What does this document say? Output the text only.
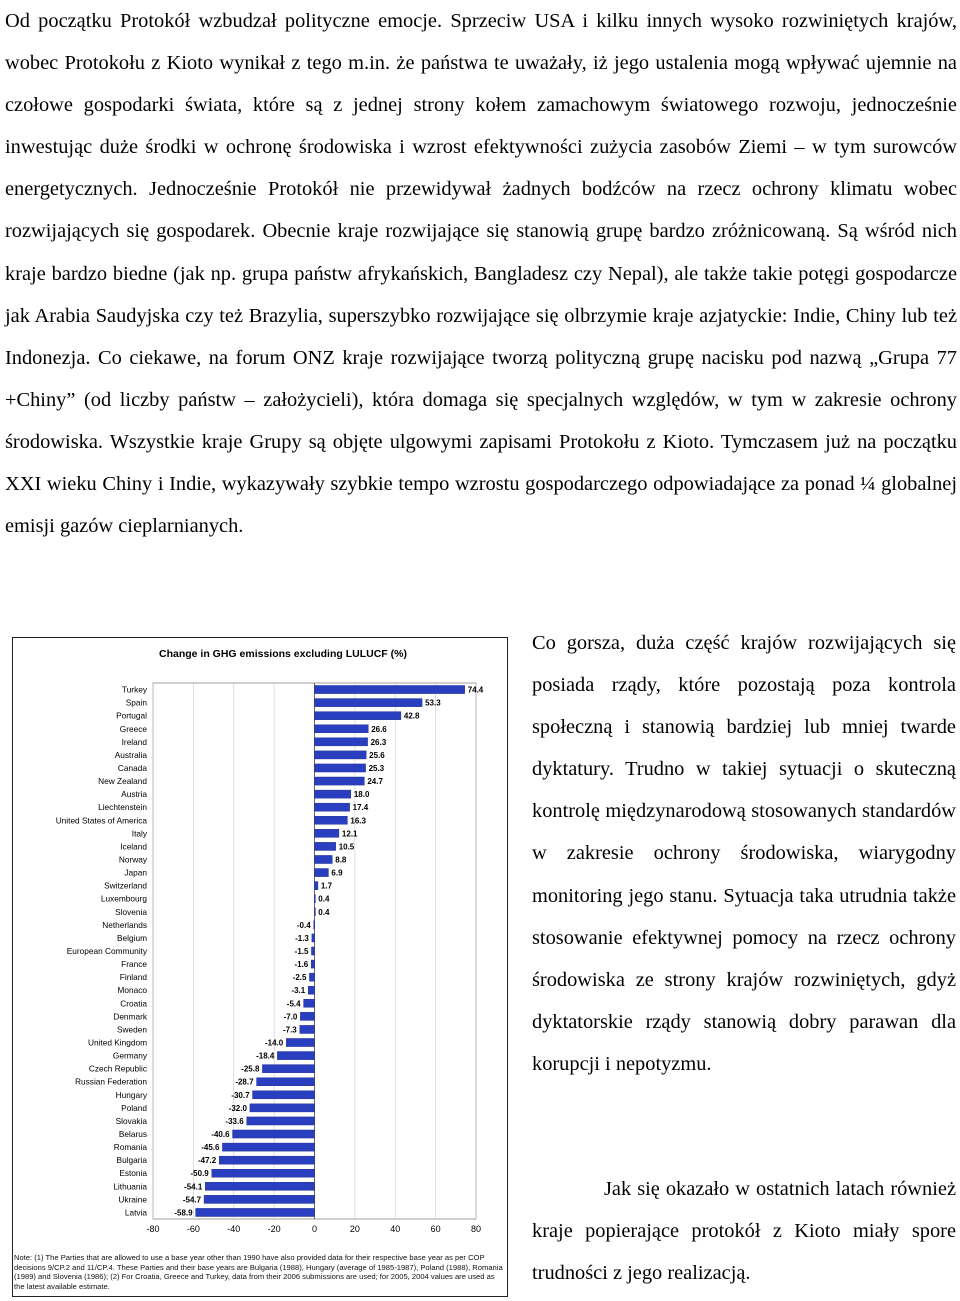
Od początku Protokół wzbudzał polityczne emocje. Sprzeciw USA i kilku innych wysoko rozwiniętych krajów, wobec Protokołu z Kioto wynikał z tego m.in. że państwa te uważały, iż jego ustalenia mogą wpływać ujemnie na czołowe gospodarki świata, które są z jednej strony kołem zamachowym światowego rozwoju, jednocześnie inwestując duże środki w ochronę środowiska i wzrost efektywności zużycia zasobów Ziemi – w tym surowców energetycznych. Jednocześnie Protokół nie przewidywał żadnych bodźców na rzecz ochrony klimatu wobec rozwijających się gospodarek. Obecnie kraje rozwijające się stanowią grupę bardzo zróżnicowaną. Są wśród nich kraje bardzo biedne (jak np. grupa państw afrykańskich, Bangladesz czy Nepal), ale także takie potęgi gospodarcze jak Arabia Saudyjska czy też Brazylia, superszybko rozwijające się olbrzymie kraje azjatyckie: Indie, Chiny lub też Indonezja. Co ciekawe, na forum ONZ kraje rozwijające tworzą polityczną grupę nacisku pod nazwą „Grupa 77 +Chiny” (od liczby państw – założycieli), która domaga się specjalnych względów, w tym w zakresie ochrony środowiska. Wszystkie kraje Grupy są objęte ulgowymi zapisami Protokołu z Kioto. Tymczasem już na początku XXI wieku Chiny i Indie, wykazywały szybkie tempo wzrostu gospodarczego odpowiadające za ponad ¼ globalnej emisji gazów cieplarnianych.

Change in GHG emissions excluding LULUCF (%)
74.4
53.3
42.8
26.6
26.3
25.6
25.3
24.7
18.0
17.4
16.3
12.1
10.5
8.8
6.9
1.7
0.4
0.4
-0.4
-1.3
-1.5
-1.6
-2.5
-3.1
-5.4
-7.0
-7.3
-14.0
-18.4
-25.8
-28.7
-30.7
-32.0
-33.6
-40.6
-45.6
-47.2
-50.9
-54.1
-54.7
-58.9
Turkey
Spain
Portugal
Greece
Ireland
Australia
Canada
New Zealand
Austria
Liechtenstein
United States of America
Italy
Iceland
Norway
Japan
Switzerland
Luxembourg
Slovenia
Netherlands
Belgium
European Community
France
Finland
Monaco
Croatia
Denmark
Sweden
United Kingdom
Germany
Czech Republic
Russian Federation
Hungary
Poland
Slovakia
Belarus
Romania
Bulgaria
Estonia
Lithuania
Ukraine
Latvia
-80	-60	-40	-20	0	20	40	60	80

Note: (1) The Parties that are allowed to use a base year other than 1990 have also provided data for their respective base year as per COP decisions 9/CP.2 and 11/CP.4. These Parties and their base years are Bulgaria (1988), Hungary (average of 1985-1987), Poland (1988), Romania (1989) and Slovenia (1986); (2) For Croatia, Greece and Turkey, data from their 2006 submissions are used; for 2005, 2004 values are used as the latest available estimate.

Co gorsza, duża część krajów rozwijających się posiada rządy, które pozostają poza kontrola społeczną i stanowią bardziej lub mniej twarde dyktatury. Trudno w takiej sytuacji o skuteczną kontrolę międzynarodową stosowanych standardów w zakresie ochrony środowiska, wiarygodny monitoring jego stanu. Sytuacja taka utrudnia także stosowanie efektywnej pomocy na rzecz ochrony środowiska ze strony krajów rozwiniętych, gdyż dyktatorskie rządy stanowią dobry parawan dla korupcji i nepotyzmu.

Jak się okazało w ostatnich latach również kraje popierające protokół z Kioto miały spore trudności z jego realizacją.
